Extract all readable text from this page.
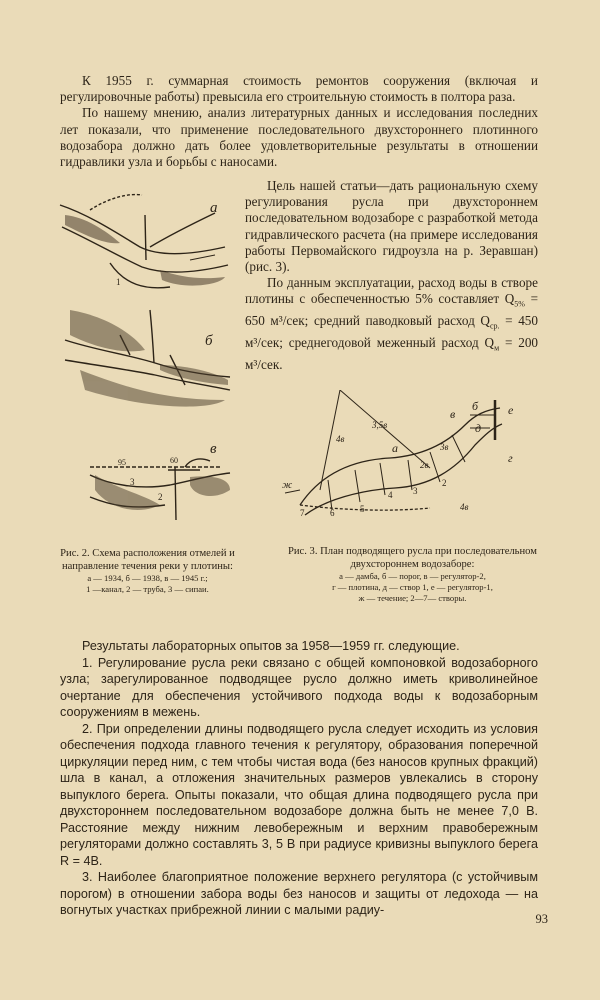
К 1955 г. суммарная стоимость ремонтов сооружения (включая и регулировочные работы) превысила его строительную стоимость в полтора раза.

По нашему мнению, анализ литературных данных и исследования последних лет показали, что применение последовательного двухстороннего плотинного водозабора должно дать более удовлетворительные результаты в отношении гидравлики узла и борьбы с наносами.

Цель нашей статьи—дать рациональную схему регулирования русла при двухстороннем последовательном водозаборе с разработкой метода гидравлического расчета (на примере исследования работы Первомайского гидроузла на р. Зеравшан) (рис. 3).

По данным эксплуатации, расход воды в створе плотины с обеспеченностью 5% составляет $Q_{5\%} = 650$ м³/сек; средний паводковый расход $Q_{ср.} = 450$ м³/сек; среднегодовой меженный расход $Q_м = 200$ м³/сек.

а
1
б
95	60
в
2
3
4в
3,5в
3в
2в
а
б
в
г
д
е
ж
4в
7	6	5
4 3
2
Рис. 2. Схема расположения отмелей и направление течения реки у плотины:
а — 1934, б — 1938, в — 1945 г.;
1 —канал, 2 — труба, 3 — сипаи.
Рис. 3. План подводящего русла при последовательном двухстороннем водозаборе:
а — дамба, б — порог, в — регулятор-2,
г — плотина, д — створ 1, е — регулятор-1,
ж — течение; 2—7— створы.

Результаты лабораторных опытов за 1958—1959 гг. следующие.

1. Регулирование русла реки связано с общей компоновкой водозаборного узла; зарегулированное подводящее русло должно иметь криволинейное очертание для обеспечения устойчивого подхода воды к водозаборным сооружениям в межень.

2. При определении длины подводящего русла следует исходить из условия обеспечения подхода главного течения к регулятору, образования поперечной циркуляции перед ним, с тем чтобы чистая вода (без наносов крупных фракций) шла в канал, а отложения значительных размеров увлекались в сторону выпуклого берега. Опыты показали, что общая длина подводящего русла при двухстороннем последовательном водозаборе должна быть не менее 7,0 B. Расстояние между нижним левобережным и верхним правобережным регуляторами должно составлять 3, 5 B при радиусе кривизны выпуклого берега R = 4B.

3. Наиболее благоприятное положение верхнего регулятора (с устойчивым порогом) в отношении забора воды без наносов и защиты от ледохода — на вогнутых участках прибрежной линии с малыми радиу-

93
